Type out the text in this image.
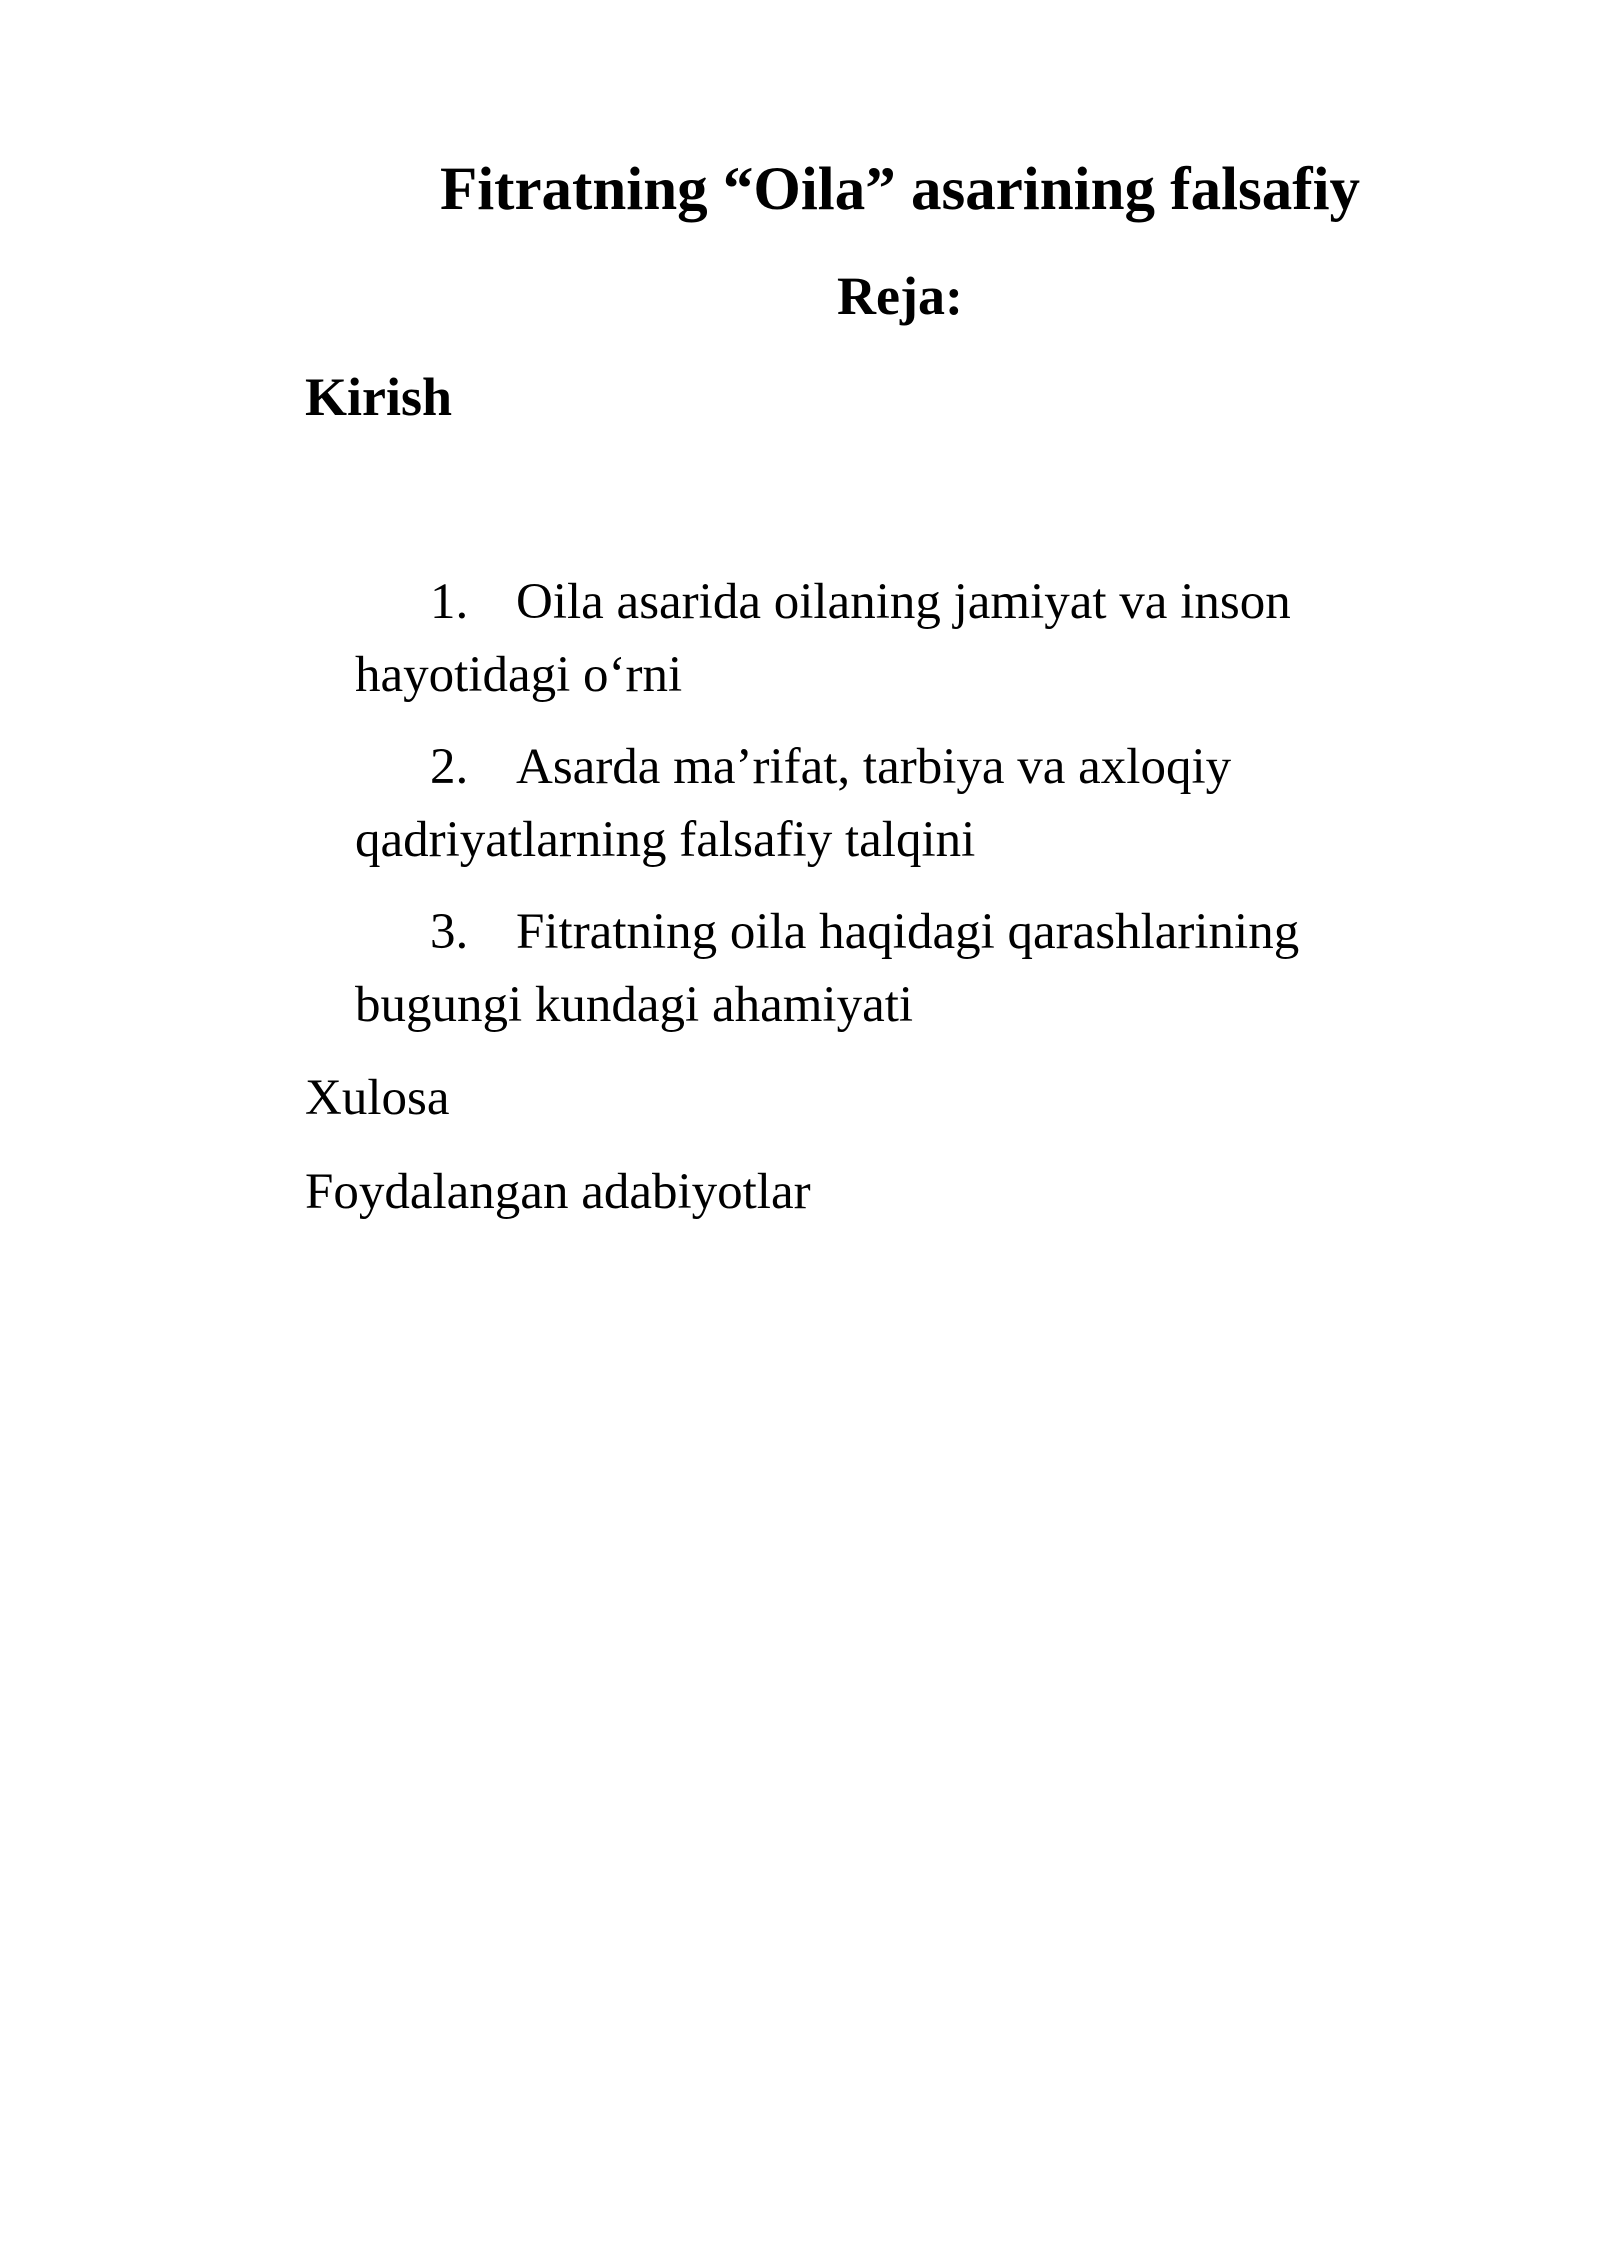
Fitratning “Oila” asarining falsafiy
Reja:
Kirish
1. Oila asarida oilaning jamiyat va inson hayotidagi o‘rni
2. Asarda ma’rifat, tarbiya va axloqiy qadriyatlarning falsafiy talqini
3. Fitratning oila haqidagi qarashlarining bugungi kundagi ahamiyati

Xulosa

Foydalangan adabiyotlar
